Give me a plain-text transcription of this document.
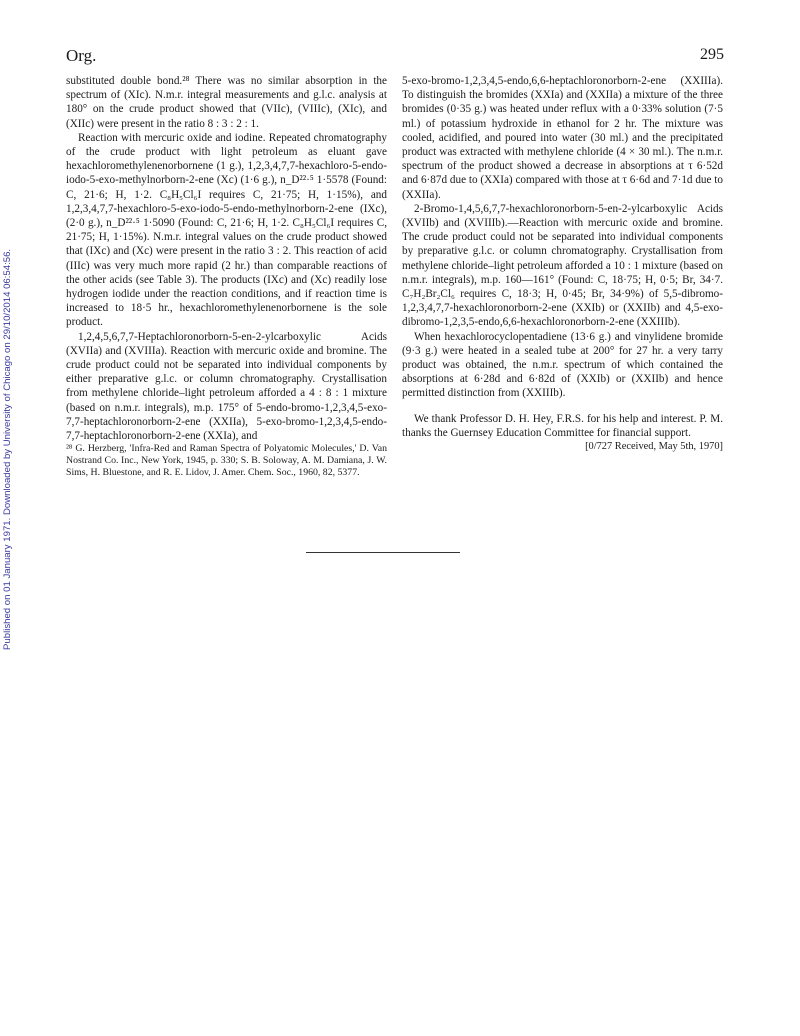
Published on 01 January 1971. Downloaded by University of Chicago on 29/10/2014 06:54:56.
Org.	295

substituted double bond.²⁸ There was no similar absorption in the spectrum of (XIc). N.m.r. integral measurements and g.l.c. analysis at 180° on the crude product showed that (VIIc), (VIIIc), (XIc), and (XIIc) were present in the ratio 8 : 3 : 2 : 1.

Reaction with mercuric oxide and iodine. Repeated chromatography of the crude product with light petroleum as eluant gave hexachloromethylenenorbornene (1 g.), 1,2,3,4,7,7-hexachloro-5-endo-iodo-5-exo-methylnorborn-2-ene (Xc) (1·6 g.), n_D²²·⁵ 1·5578 (Found: C, 21·6; H, 1·2. C₈H₅Cl₆I requires C, 21·75; H, 1·15%), and 1,2,3,4,7,7-hexachloro-5-exo-iodo-5-endo-methylnorborn-2-ene (IXc), (2·0 g.), n_D²²·⁵ 1·5090 (Found: C, 21·6; H, 1·2. C₈H₅Cl₆I requires C, 21·75; H, 1·15%). N.m.r. integral values on the crude product showed that (IXc) and (Xc) were present in the ratio 3 : 2. This reaction of acid (IIIc) was very much more rapid (2 hr.) than comparable reactions of the other acids (see Table 3). The products (IXc) and (Xc) readily lose hydrogen iodide under the reaction conditions, and if reaction time is increased to 18·5 hr., hexachloromethylenenorbornene is the sole product.

1,2,4,5,6,7,7-Heptachloronorborn-5-en-2-ylcarboxylic Acids (XVIIa) and (XVIIIa). Reaction with mercuric oxide and bromine. The crude product could not be separated into individual components by either preparative g.l.c. or column chromatography. Crystallisation from methylene chloride–light petroleum afforded a 4 : 8 : 1 mixture (based on n.m.r. integrals), m.p. 175° of 5-endo-bromo-1,2,3,4,5-exo-7,7-heptachloronorborn-2-ene (XXIIa), 5-exo-bromo-1,2,3,4,5-endo-7,7-heptachloronorborn-2-ene (XXIa), and

²⁸ G. Herzberg, 'Infra-Red and Raman Spectra of Polyatomic Molecules,' D. Van Nostrand Co. Inc., New York, 1945, p. 330; S. B. Soloway, A. M. Damiana, J. W. Sims, H. Bluestone, and R. E. Lidov, J. Amer. Chem. Soc., 1960, 82, 5377.

5-exo-bromo-1,2,3,4,5-endo,6,6-heptachloronorborn-2-ene (XXIIIa). To distinguish the bromides (XXIa) and (XXIIa) a mixture of the three bromides (0·35 g.) was heated under reflux with a 0·33% solution (7·5 ml.) of potassium hydroxide in ethanol for 2 hr. The mixture was cooled, acidified, and poured into water (30 ml.) and the precipitated product was extracted with methylene chloride (4 × 30 ml.). The n.m.r. spectrum of the product showed a decrease in absorptions at τ 6·52d and 6·87d due to (XXIa) compared with those at τ 6·6d and 7·1d due to (XXIIa).

2-Bromo-1,4,5,6,7,7-hexachloronorborn-5-en-2-ylcarboxylic Acids (XVIIb) and (XVIIIb).—Reaction with mercuric oxide and bromine. The crude product could not be separated into individual components by preparative g.l.c. or column chromatography. Crystallisation from methylene chloride–light petroleum afforded a 10 : 1 mixture (based on n.m.r. integrals), m.p. 160—161° (Found: C, 18·75; H, 0·5; Br, 34·7. C₇H₂Br₂Cl₆ requires C, 18·3; H, 0·45; Br, 34·9%) of 5,5-dibromo-1,2,3,4,7,7-hexachloronorborn-2-ene (XXIb) or (XXIIb) and 4,5-exo-dibromo-1,2,3,5-endo,6,6-hexachloronorborn-2-ene (XXIIIb).

When hexachlorocyclopentadiene (13·6 g.) and vinylidene bromide (9·3 g.) were heated in a sealed tube at 200° for 27 hr. a very tarry product was obtained, the n.m.r. spectrum of which contained the absorptions at 6·28d and 6·82d of (XXIb) or (XXIIb) and hence permitted distinction from (XXIIIb).

We thank Professor D. H. Hey, F.R.S. for his help and interest. P. M. thanks the Guernsey Education Committee for financial support.

[0/727 Received, May 5th, 1970]
